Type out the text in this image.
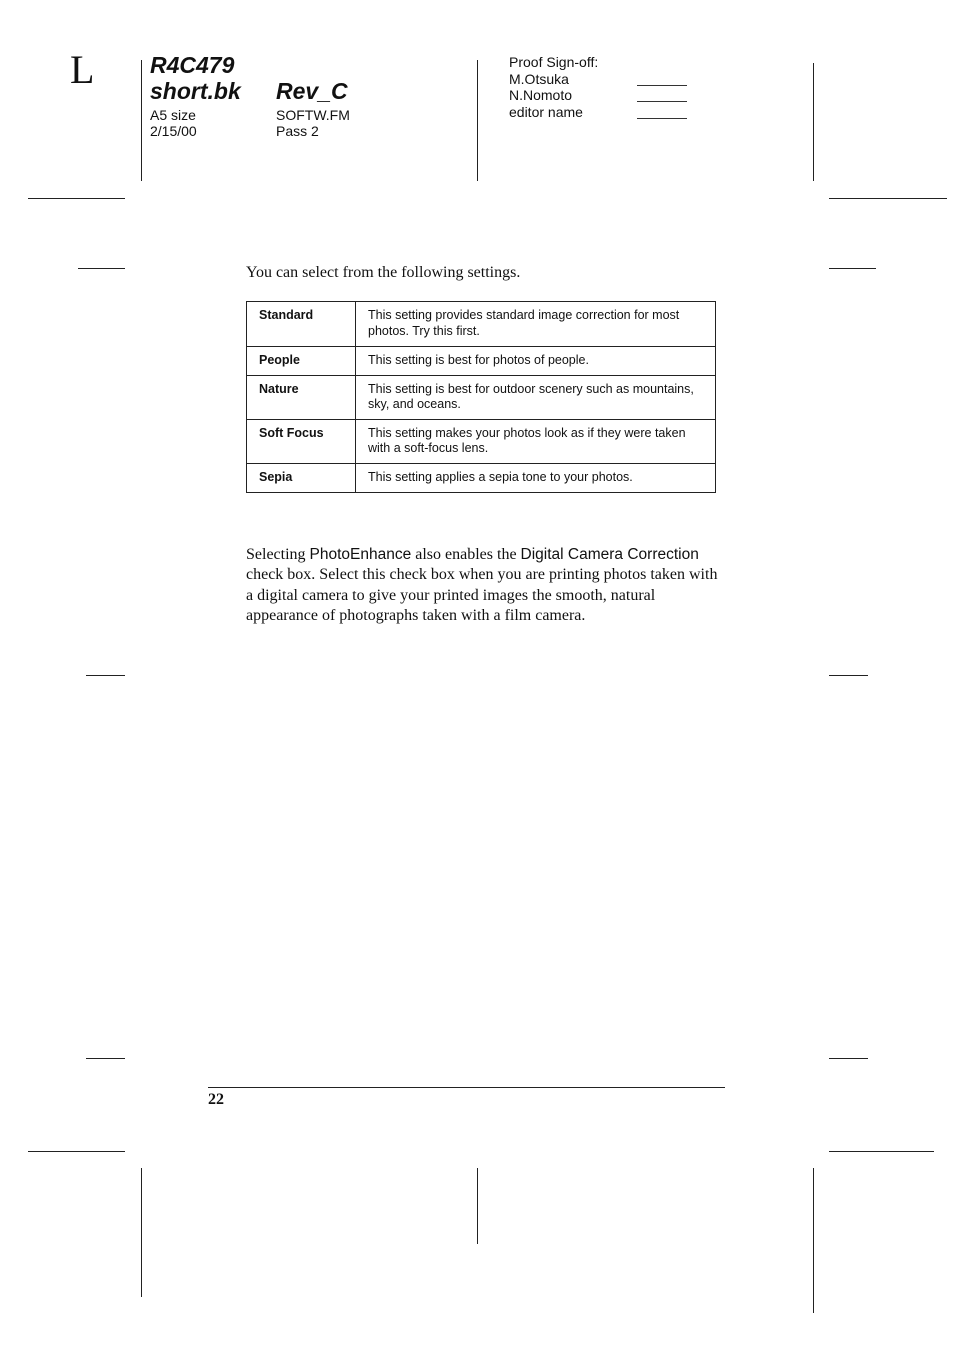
L R4C479
short.bk Rev_C
A5 size
2/15/00
SOFTW.FM
Pass 2
Proof Sign-off:
M.Otsuka
N.Nomoto
editor name
You can select from the following settings.
Standard	This setting provides standard image correction for most photos. Try this first.
People	This setting is best for photos of people.
Nature	This setting is best for outdoor scenery such as mountains, sky, and oceans.
Soft Focus	This setting makes your photos look as if they were taken with a soft-focus lens.
Sepia	This setting applies a sepia tone to your photos.
Selecting PhotoEnhance also enables the Digital Camera Correction check box. Select this check box when you are printing photos taken with a digital camera to give your printed images the smooth, natural appearance of photographs taken with a film camera.
22
